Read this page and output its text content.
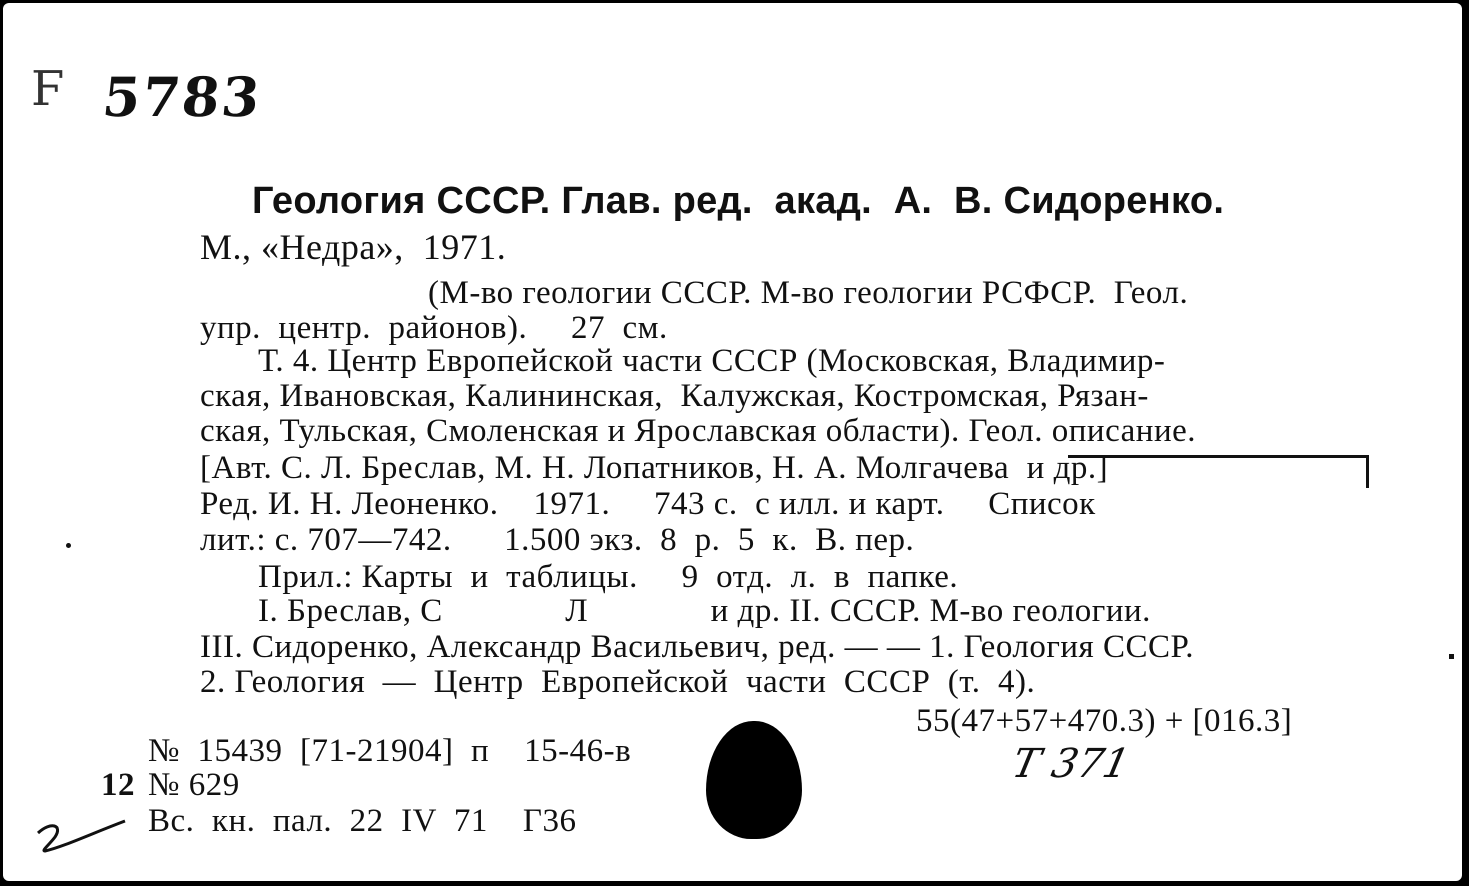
Ϝ 5783
Геология СССР. Глав. ред.  акад.  А.  В. Сидоренко.
М., «Недра»,  1971.
(М-во геологии СССР. М-во геологии РСФСР.  Геол.
упр.  центр.  районов).     27  см.
Т. 4. Центр Европейской части СССР (Московская, Владимир-
ская, Ивановская, Калининская,  Калужская, Костромская, Рязан-
ская, Тульская, Смоленская и Ярославская области). Геол. описание.
[Авт. С. Л. Бреслав, М. Н. Лопатников, Н. А. Молгачева  и др.]
Ред. И. Н. Леоненко.    1971.     743 с.  с илл. и карт.     Список
лит.: с. 707—742.      1.500 экз.  8  р.  5  к.  В. пер.
Прил.: Карты  и  таблицы.     9  отд.  л.  в  папке.
I. Бреслав, С              Л              и др. II. СССР. М-во геологии.
III. Сидоренко, Александр Васильевич, ред. — — 1. Геология СССР.
2. Геология  —  Центр  Европейской  части  СССР  (т.  4).
55(47+57+470.3) + [016.3]
Т 371
№  15439  [71-21904]  п    15-46-в
12 № 629
Вс.  кн.  пал.  22  IV  71    Г36
